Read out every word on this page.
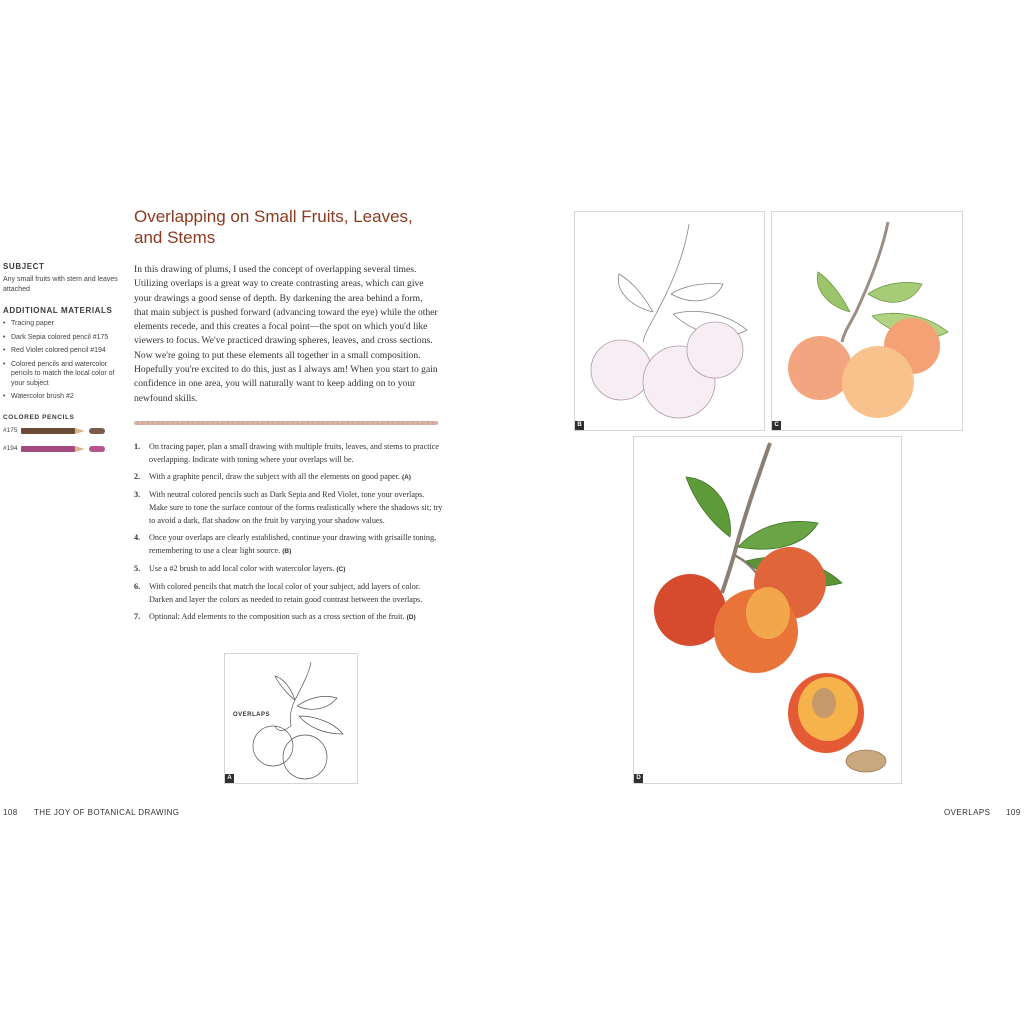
SUBJECT
Any small fruits with stem and leaves attached
ADDITIONAL MATERIALS
• Tracing paper
• Dark Sepia colored pencil #175
• Red Violet colored pencil #194
• Colored pencils and watercolor pencils to match the local color of your subject
• Watercolor brush #2
COLORED PENCILS
#175
#194
Overlapping on Small Fruits, Leaves, and Stems

In this drawing of plums, I used the concept of overlapping several times. Utilizing overlaps is a great way to create contrasting areas, which can give your drawings a good sense of depth. By darkening the area behind a form, that main subject is pushed forward (advancing toward the eye) while the other elements recede, and this creates a focal point—the spot on which you'd like viewers to focus. We've practiced drawing spheres, leaves, and cross sections. Now we're going to put these elements all together in a small composition. Hopefully you're excited to do this, just as I always am! When you start to gain confidence in one area, you will naturally want to keep adding on to your newfound skills.

1. On tracing paper, plan a small drawing with multiple fruits, leaves, and stems to practice overlapping. Indicate with toning where your overlaps will be.
2. With a graphite pencil, draw the subject with all the elements on good paper. (A)
3. With neutral colored pencils such as Dark Sepia and Red Violet, tone your overlaps. Make sure to tone the surface contour of the forms realistically where the shadows sit; try to avoid a dark, flat shadow on the fruit by varying your shadow values.
4. Once your overlaps are clearly established, continue your drawing with grisaille toning, remembering to use a clear light source. (B)
5. Use a #2 brush to add local color with watercolor layers. (C)
6. With colored pencils that match the local color of your subject, add layers of color. Darken and layer the colors as needed to retain good contrast between the overlaps.
7. Optional: Add elements to the composition such as a cross section of the fruit. (D)
OVERLAPS
A
B	C
D
108 THE JOY OF BOTANICAL DRAWING	OVERLAPS 109
